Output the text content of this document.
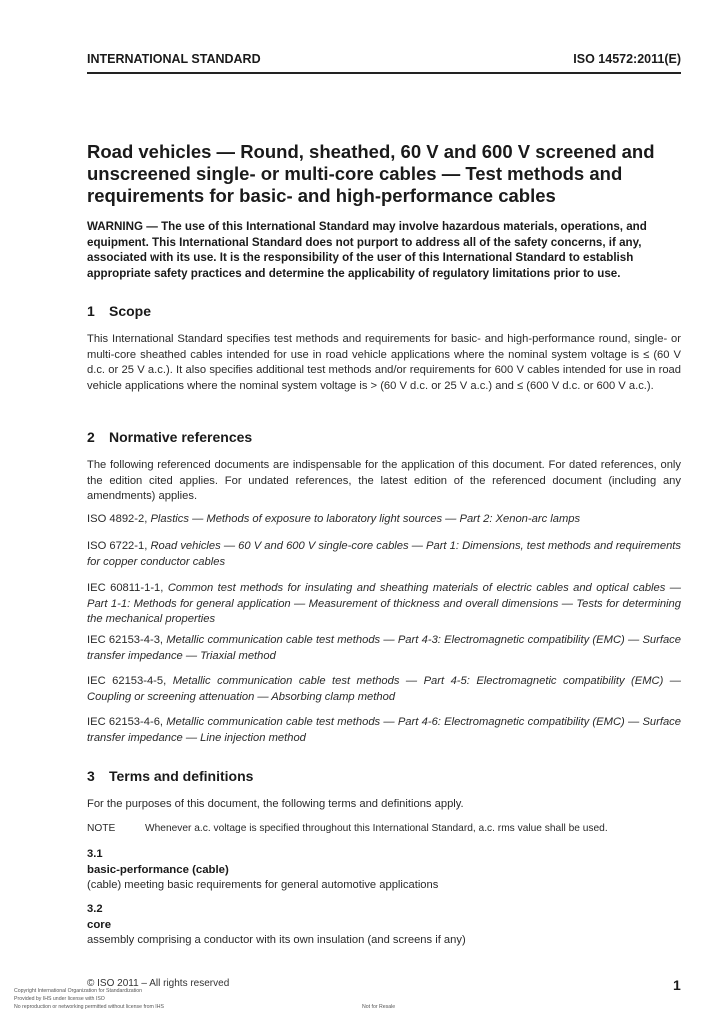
INTERNATIONAL STANDARD	ISO 14572:2011(E)
Road vehicles — Round, sheathed, 60 V and 600 V screened and unscreened single- or multi-core cables — Test methods and requirements for basic- and high-performance cables
WARNING — The use of this International Standard may involve hazardous materials, operations, and equipment. This International Standard does not purport to address all of the safety concerns, if any, associated with its use. It is the responsibility of the user of this International Standard to establish appropriate safety practices and determine the applicability of regulatory limitations prior to use.
1 Scope
This International Standard specifies test methods and requirements for basic- and high-performance round, single- or multi-core sheathed cables intended for use in road vehicle applications where the nominal system voltage is ≤ (60 V d.c. or 25 V a.c.). It also specifies additional test methods and/or requirements for 600 V cables intended for use in road vehicle applications where the nominal system voltage is > (60 V d.c. or 25 V a.c.) and ≤ (600 V d.c. or 600 V a.c.).
2 Normative references
The following referenced documents are indispensable for the application of this document. For dated references, only the edition cited applies. For undated references, the latest edition of the referenced document (including any amendments) applies.
ISO 4892-2, Plastics — Methods of exposure to laboratory light sources — Part 2: Xenon-arc lamps
ISO 6722-1, Road vehicles — 60 V and 600 V single-core cables — Part 1: Dimensions, test methods and requirements for copper conductor cables
IEC 60811-1-1, Common test methods for insulating and sheathing materials of electric cables and optical cables — Part 1-1: Methods for general application — Measurement of thickness and overall dimensions — Tests for determining the mechanical properties
IEC 62153-4-3, Metallic communication cable test methods — Part 4-3: Electromagnetic compatibility (EMC) — Surface transfer impedance — Triaxial method
IEC 62153-4-5, Metallic communication cable test methods — Part 4-5: Electromagnetic compatibility (EMC) — Coupling or screening attenuation — Absorbing clamp method
IEC 62153-4-6, Metallic communication cable test methods — Part 4-6: Electromagnetic compatibility (EMC) — Surface transfer impedance — Line injection method
3 Terms and definitions
For the purposes of this document, the following terms and definitions apply.
NOTE	Whenever a.c. voltage is specified throughout this International Standard, a.c. rms value shall be used.
3.1
basic-performance (cable)
(cable) meeting basic requirements for general automotive applications
3.2
core
assembly comprising a conductor with its own insulation (and screens if any)
© ISO 2011 – All rights reserved	1
Copyright International Organization for Standardization
Provided by IHS under license with ISO
No reproduction or networking permitted without license from IHS	Not for Resale
